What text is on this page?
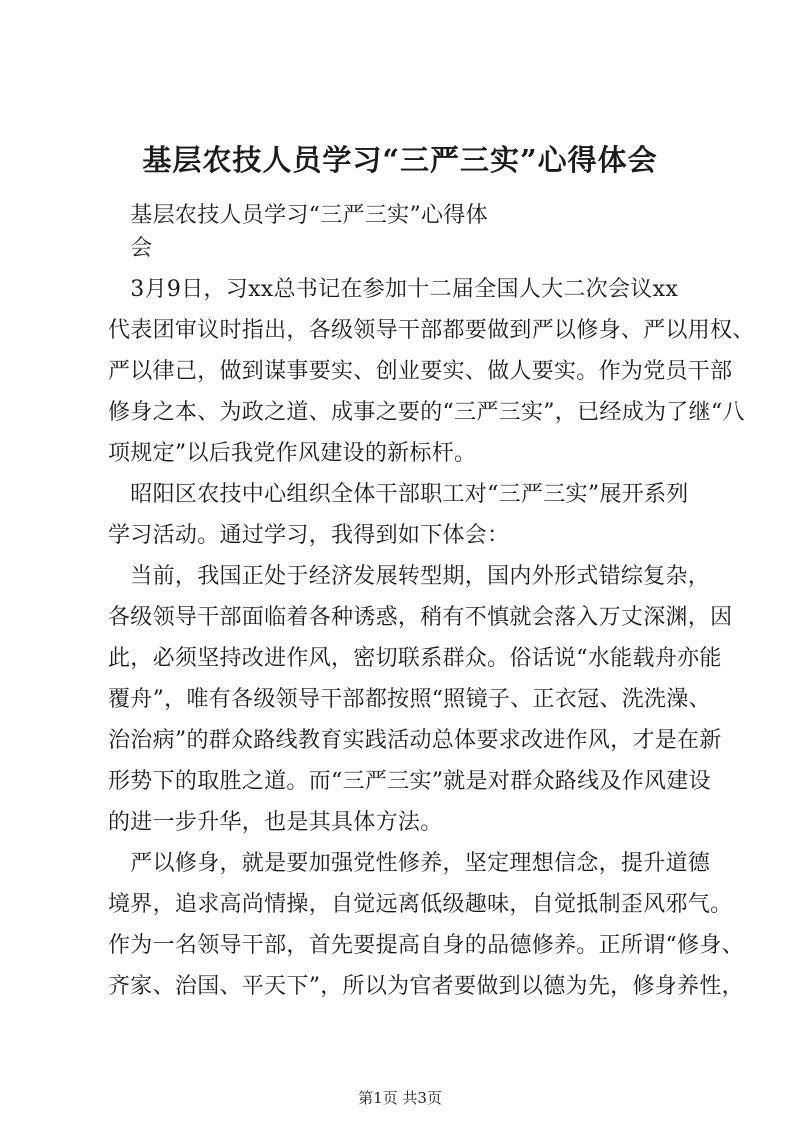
基层农技人员学习“三严三实”心得体会
　基层农技人员学习“三严三实”心得体
　会
　3月9日，习xx总书记在参加十二届全国人大二次会议xx
代表团审议时指出，各级领导干部都要做到严以修身、严以用权、
严以律己，做到谋事要实、创业要实、做人要实。作为党员干部
修身之本、为政之道、成事之要的“三严三实”，已经成为了继“八
项规定”以后我党作风建设的新标杆。
　昭阳区农技中心组织全体干部职工对“三严三实”展开系列
学习活动。通过学习，我得到如下体会：
　当前，我国正处于经济发展转型期，国内外形式错综复杂，
各级领导干部面临着各种诱惑，稍有不慎就会落入万丈深渊，因
此，必须坚持改进作风，密切联系群众。俗话说“水能载舟亦能
覆舟”，唯有各级领导干部都按照“照镜子、正衣冠、洗洗澡、
治治病”的群众路线教育实践活动总体要求改进作风，才是在新
形势下的取胜之道。而“三严三实”就是对群众路线及作风建设
的进一步升华，也是其具体方法。
　严以修身，就是要加强党性修养，坚定理想信念，提升道德
境界，追求高尚情操，自觉远离低级趣味，自觉抵制歪风邪气。
作为一名领导干部，首先要提高自身的品德修养。正所谓“修身、
齐家、治国、平天下”，所以为官者要做到以德为先，修身养性，
第1页 共3页
